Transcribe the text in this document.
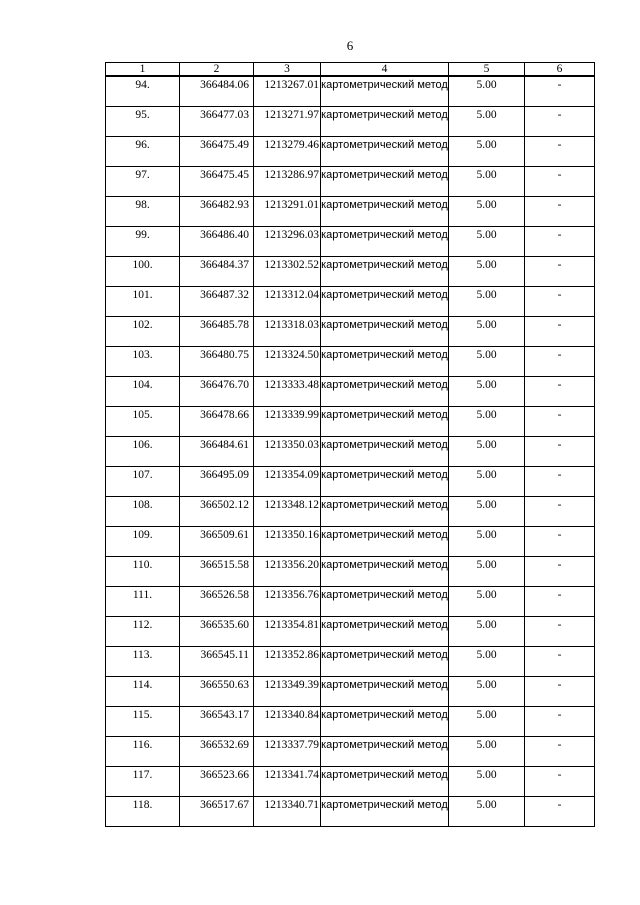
6
1	2	3	4	5	6

94.	366484.06	1213267.01	картометрический метод	5.00	-

95.	366477.03	1213271.97	картометрический метод	5.00	-

96.	366475.49	1213279.46	картометрический метод	5.00	-

97.	366475.45	1213286.97	картометрический метод	5.00	-

98.	366482.93	1213291.01	картометрический метод	5.00	-

99.	366486.40	1213296.03	картометрический метод	5.00	-

100.	366484.37	1213302.52	картометрический метод	5.00	-

101.	366487.32	1213312.04	картометрический метод	5.00	-

102.	366485.78	1213318.03	картометрический метод	5.00	-

103.	366480.75	1213324.50	картометрический метод	5.00	-

104.	366476.70	1213333.48	картометрический метод	5.00	-

105.	366478.66	1213339.99	картометрический метод	5.00	-

106.	366484.61	1213350.03	картометрический метод	5.00	-

107.	366495.09	1213354.09	картометрический метод	5.00	-

108.	366502.12	1213348.12	картометрический метод	5.00	-

109.	366509.61	1213350.16	картометрический метод	5.00	-

110.	366515.58	1213356.20	картометрический метод	5.00	-

111.	366526.58	1213356.76	картометрический метод	5.00	-

112.	366535.60	1213354.81	картометрический метод	5.00	-

113.	366545.11	1213352.86	картометрический метод	5.00	-

114.	366550.63	1213349.39	картометрический метод	5.00	-

115.	366543.17	1213340.84	картометрический метод	5.00	-

116.	366532.69	1213337.79	картометрический метод	5.00	-

117.	366523.66	1213341.74	картометрический метод	5.00	-

118.	366517.67	1213340.71	картометрический метод	5.00	-
